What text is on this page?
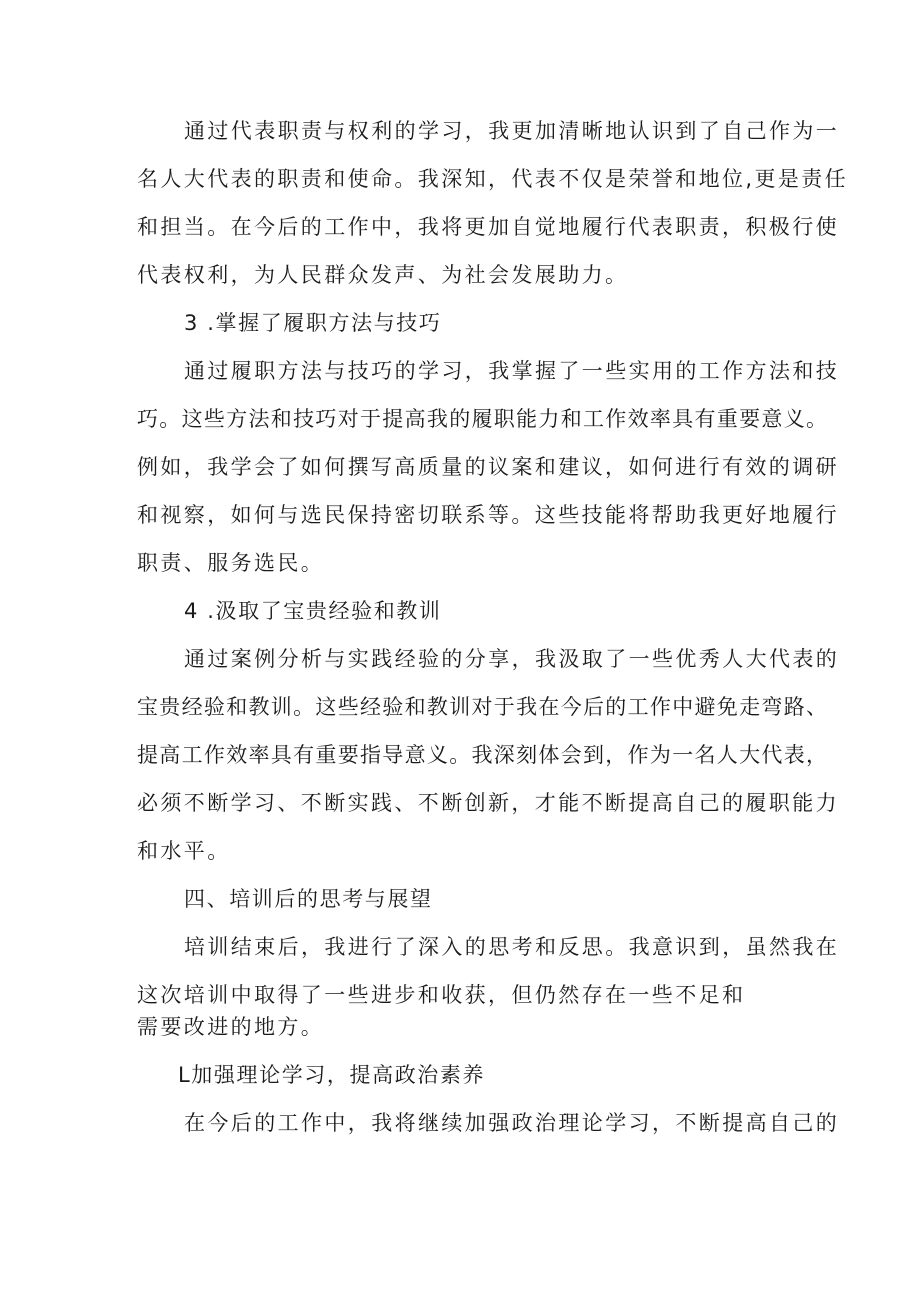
通过代表职责与权利的学习，我更加清晰地认识到了自己作为一
名人大代表的职责和使命。我深知，代表不仅是荣誉和地位,更是责任
和担当。在今后的工作中，我将更加自觉地履行代表职责，积极行使
代表权利，为人民群众发声、为社会发展助力。
3 .掌握了履职方法与技巧
通过履职方法与技巧的学习，我掌握了一些实用的工作方法和技
巧。这些方法和技巧对于提高我的履职能力和工作效率具有重要意义。
例如，我学会了如何撰写高质量的议案和建议，如何进行有效的调研
和视察，如何与选民保持密切联系等。这些技能将帮助我更好地履行
职责、服务选民。
4 .汲取了宝贵经验和教训
通过案例分析与实践经验的分享，我汲取了一些优秀人大代表的
宝贵经验和教训。这些经验和教训对于我在今后的工作中避免走弯路、
提高工作效率具有重要指导意义。我深刻体会到，作为一名人大代表，
必须不断学习、不断实践、不断创新，才能不断提高自己的履职能力
和水平。
四、培训后的思考与展望
培训结束后，我进行了深入的思考和反思。我意识到，虽然我在
这次培训中取得了一些进步和收获，但仍然存在一些不足和
需要改进的地方。
L加强理论学习，提高政治素养
在今后的工作中，我将继续加强政治理论学习，不断提高自己的
